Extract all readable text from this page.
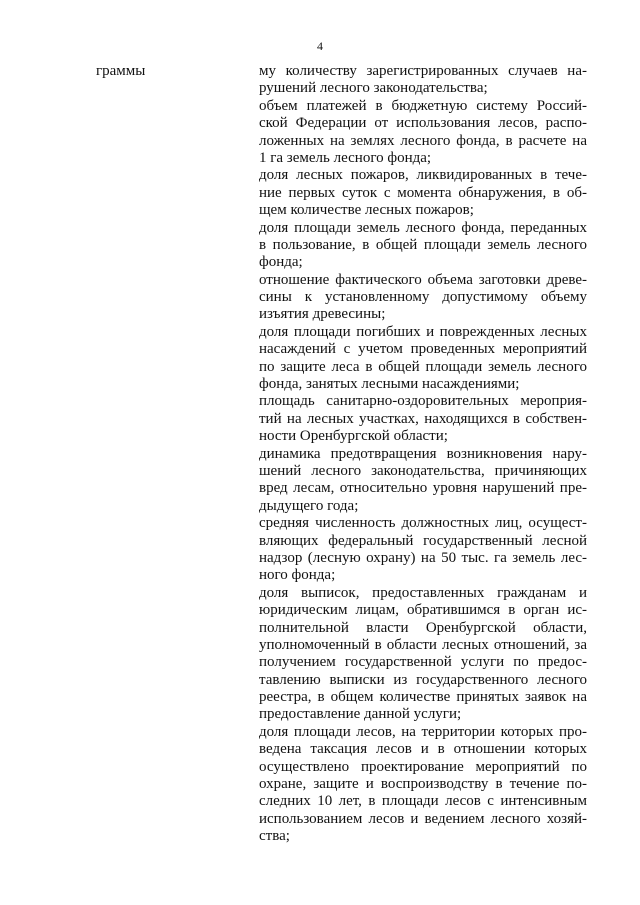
4
граммы	му количеству зарегистрированных случаев на-
рушений лесного законодательства;
объем платежей в бюджетную систему Россий-
ской Федерации от использования лесов, распо-
ложенных на землях лесного фонда, в расчете на
1 га земель лесного фонда;
доля лесных пожаров, ликвидированных в тече-
ние первых суток с момента обнаружения, в об-
щем количестве лесных пожаров;
доля площади земель лесного фонда, переданных
в пользование, в общей площади земель лесного
фонда;
отношение фактического объема заготовки древе-
сины к установленному допустимому объему
изъятия древесины;
доля площади погибших и поврежденных лесных
насаждений с учетом проведенных мероприятий
по защите леса в общей площади земель лесного
фонда, занятых лесными насаждениями;
площадь санитарно-оздоровительных мероприя-
тий на лесных участках, находящихся в собствен-
ности Оренбургской области;
динамика предотвращения возникновения нару-
шений лесного законодательства, причиняющих
вред лесам, относительно уровня нарушений пре-
дыдущего года;
средняя численность должностных лиц, осущест-
вляющих федеральный государственный лесной
надзор (лесную охрану) на 50 тыс. га земель лес-
ного фонда;
доля выписок, предоставленных гражданам и
юридическим лицам, обратившимся в орган ис-
полнительной власти Оренбургской области,
уполномоченный в области лесных отношений, за
получением государственной услуги по предос-
тавлению выписки из государственного лесного
реестра, в общем количестве принятых заявок на
предоставление данной услуги;
доля площади лесов, на территории которых про-
ведена таксация лесов и в отношении которых
осуществлено проектирование мероприятий по
охране, защите и воспроизводству в течение по-
следних 10 лет, в площади лесов с интенсивным
использованием лесов и ведением лесного хозяй-
ства;
